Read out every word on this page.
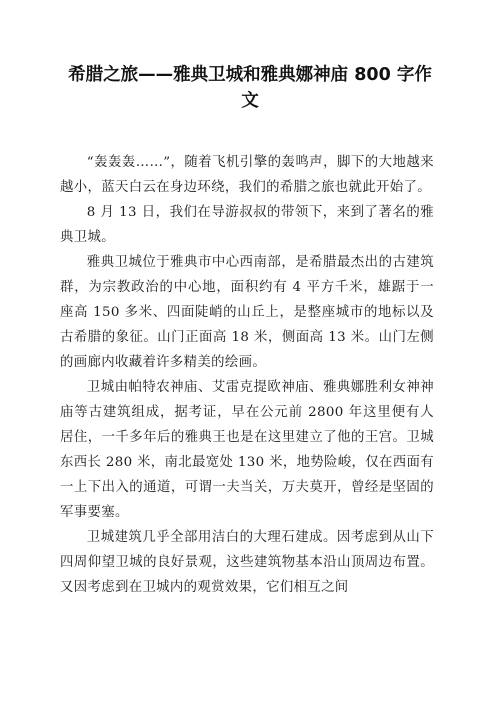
希腊之旅——雅典卫城和雅典娜神庙 800 字作文

“轰轰轰……”，随着飞机引擎的轰鸣声，脚下的大地越来越小，蓝天白云在身边环绕，我们的希腊之旅也就此开始了。

8 月 13 日，我们在导游叔叔的带领下，来到了著名的雅典卫城。

雅典卫城位于雅典市中心西南部，是希腊最杰出的古建筑群，为宗教政治的中心地，面积约有 4 平方千米，雄踞于一座高 150 多米、四面陡峭的山丘上，是整座城市的地标以及古希腊的象征。山门正面高 18 米，侧面高 13 米。山门左侧的画廊内收藏着许多精美的绘画。

卫城由帕特农神庙、艾雷克提欧神庙、雅典娜胜利女神神庙等古建筑组成，据考证，早在公元前 2800 年这里便有人居住，一千多年后的雅典王也是在这里建立了他的王宫。卫城东西长 280 米，南北最宽处 130 米，地势险峻，仅在西面有一上下出入的通道，可谓一夫当关，万夫莫开，曾经是坚固的军事要塞。

卫城建筑几乎全部用洁白的大理石建成。因考虑到从山下四周仰望卫城的良好景观，这些建筑物基本沿山顶周边布置。又因考虑到在卫城内的观赏效果，它们相互之间
